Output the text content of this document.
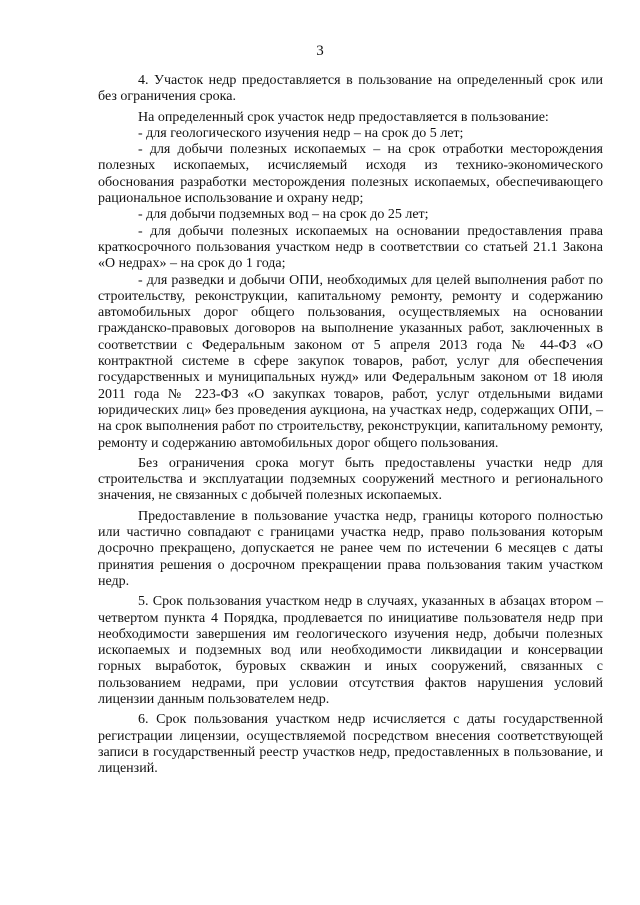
3

4. Участок недр предоставляется в пользование на определенный срок или без ограничения срока.

На определенный срок участок недр предоставляется в пользование:

- для геологического изучения недр – на срок до 5 лет;

- для добычи полезных ископаемых – на срок отработки месторождения полезных ископаемых, исчисляемый исходя из технико-экономического обоснования разработки месторождения полезных ископаемых, обеспечивающего рациональное использование и охрану недр;

- для добычи подземных вод – на срок до 25 лет;

- для добычи полезных ископаемых на основании предоставления права краткосрочного пользования участком недр в соответствии со статьей 21.1 Закона «О недрах» – на срок до 1 года;

- для разведки и добычи ОПИ, необходимых для целей выполнения работ по строительству, реконструкции, капитальному ремонту, ремонту и содержанию автомобильных дорог общего пользования, осуществляемых на основании гражданско-правовых договоров на выполнение указанных работ, заключенных в соответствии с Федеральным законом от 5 апреля 2013 года № 44-ФЗ «О контрактной системе в сфере закупок товаров, работ, услуг для обеспечения государственных и муниципальных нужд» или Федеральным законом от 18 июля 2011 года № 223-ФЗ «О закупках товаров, работ, услуг отдельными видами юридических лиц» без проведения аукциона, на участках недр, содержащих ОПИ, – на срок выполнения работ по строительству, реконструкции, капитальному ремонту, ремонту и содержанию автомобильных дорог общего пользования.

Без ограничения срока могут быть предоставлены участки недр для строительства и эксплуатации подземных сооружений местного и регионального значения, не связанных с добычей полезных ископаемых.

Предоставление в пользование участка недр, границы которого полностью или частично совпадают с границами участка недр, право пользования которым досрочно прекращено, допускается не ранее чем по истечении 6 месяцев с даты принятия решения о досрочном прекращении права пользования таким участком недр.

5. Срок пользования участком недр в случаях, указанных в абзацах втором – четвертом пункта 4 Порядка, продлевается по инициативе пользователя недр при необходимости завершения им геологического изучения недр, добычи полезных ископаемых и подземных вод или необходимости ликвидации и консервации горных выработок, буровых скважин и иных сооружений, связанных с пользованием недрами, при условии отсутствия фактов нарушения условий лицензии данным пользователем недр.

6. Срок пользования участком недр исчисляется с даты государственной регистрации лицензии, осуществляемой посредством внесения соответствующей записи в государственный реестр участков недр, предоставленных в пользование, и лицензий.
